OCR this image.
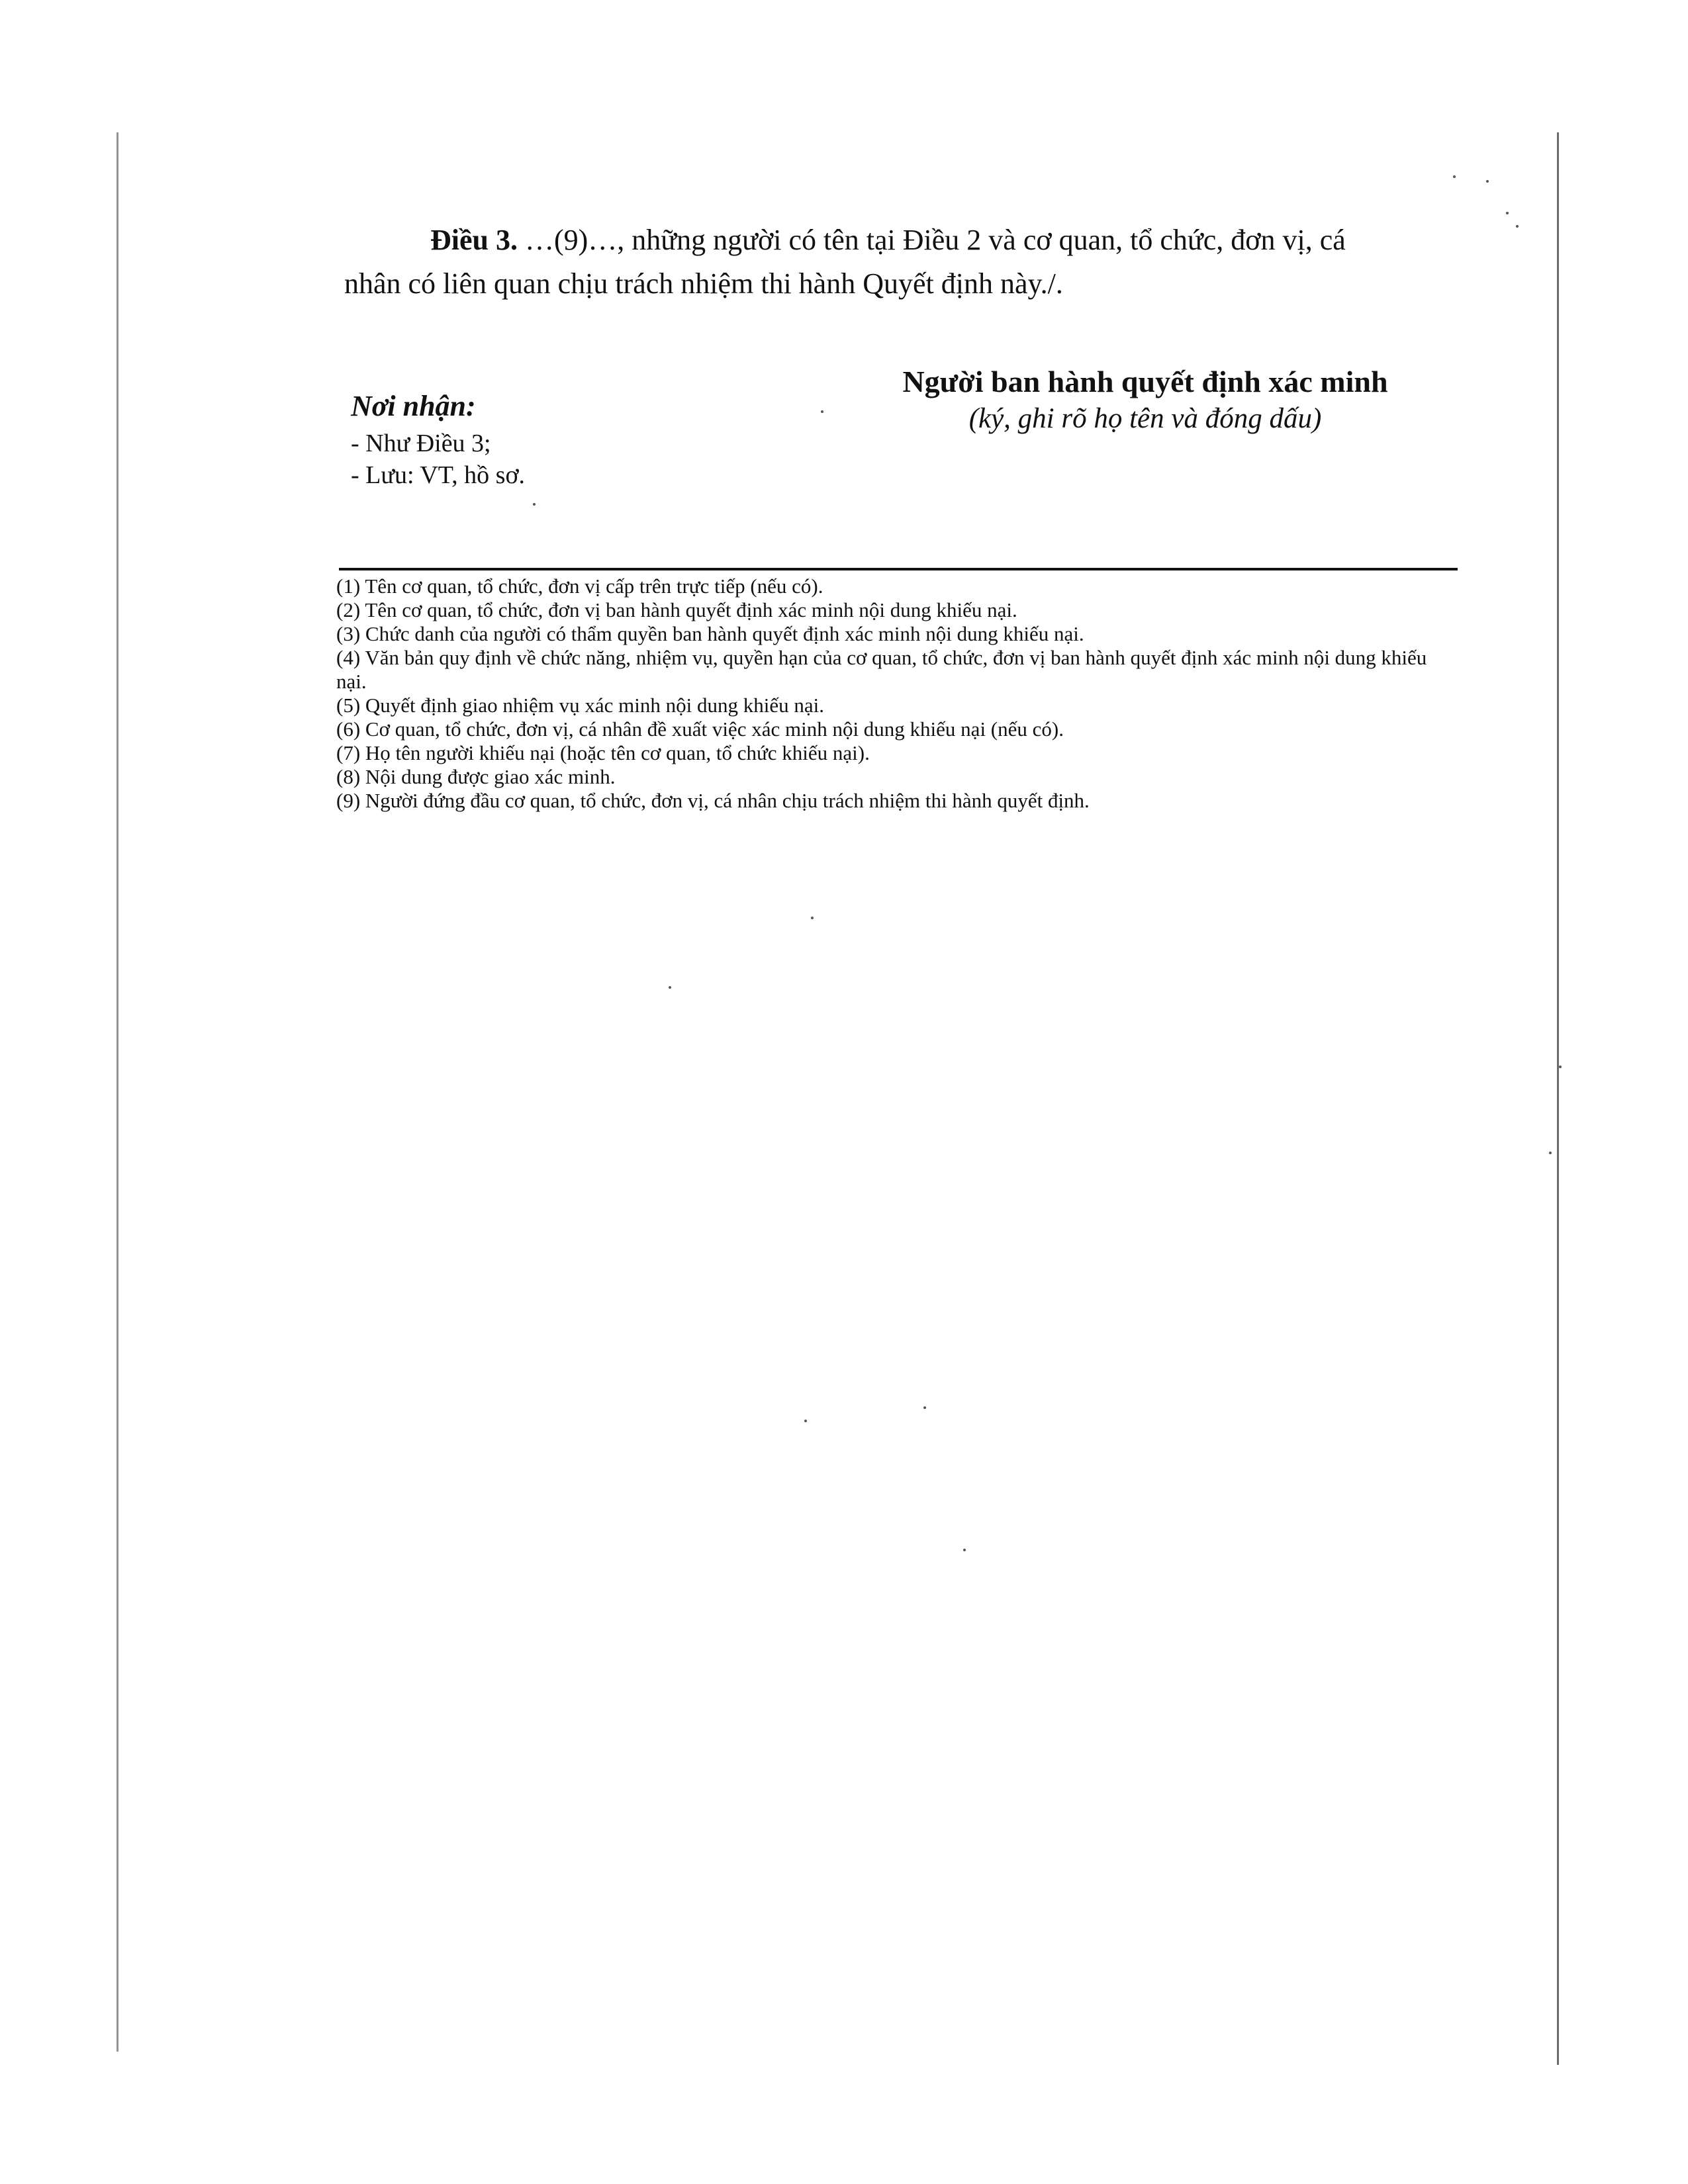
Điều 3. …(9)…, những người có tên tại Điều 2 và cơ quan, tổ chức, đơn vị, cá
nhân có liên quan chịu trách nhiệm thi hành Quyết định này./.
Nơi nhận:
- Như Điều 3;
- Lưu: VT, hồ sơ.
Người ban hành quyết định xác minh
(ký, ghi rõ họ tên và đóng dấu)
(1) Tên cơ quan, tổ chức, đơn vị cấp trên trực tiếp (nếu có).
(2) Tên cơ quan, tổ chức, đơn vị ban hành quyết định xác minh nội dung khiếu nại.
(3) Chức danh của người có thẩm quyền ban hành quyết định xác minh nội dung khiếu nại.
(4) Văn bản quy định về chức năng, nhiệm vụ, quyền hạn của cơ quan, tổ chức, đơn vị ban hành quyết định xác minh nội dung khiếu nại.
(5) Quyết định giao nhiệm vụ xác minh nội dung khiếu nại.
(6) Cơ quan, tổ chức, đơn vị, cá nhân đề xuất việc xác minh nội dung khiếu nại (nếu có).
(7) Họ tên người khiếu nại (hoặc tên cơ quan, tổ chức khiếu nại).
(8) Nội dung được giao xác minh.
(9) Người đứng đầu cơ quan, tổ chức, đơn vị, cá nhân chịu trách nhiệm thi hành quyết định.
